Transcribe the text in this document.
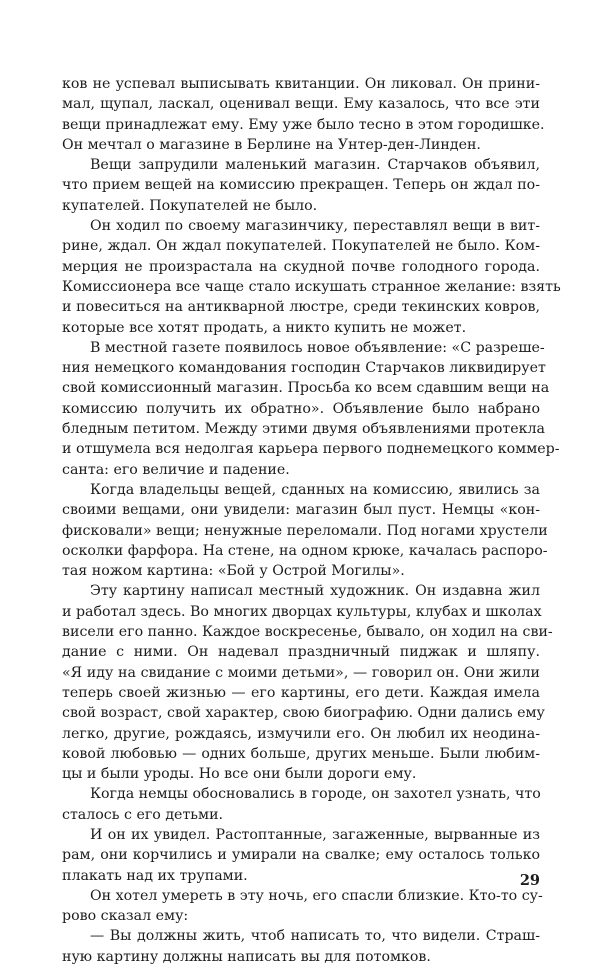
ков не успевал выписывать квитанции. Он ликовал. Он прини-
мал, щупал, ласкал, оценивал вещи. Ему казалось, что все эти
вещи принадлежат ему. Ему уже было тесно в этом городишке.
Он мечтал о магазине в Берлине на Унтер-ден-Линден.
Вещи запрудили маленький магазин. Старчаков объявил,
что прием вещей на комиссию прекращен. Теперь он ждал по-
купателей. Покупателей не было.
Он ходил по своему магазинчику, переставлял вещи в вит-
рине, ждал. Он ждал покупателей. Покупателей не было. Ком-
мерция не произрастала на скудной почве голодного города.
Комиссионера все чаще стало искушать странное желание: взять
и повеситься на антикварной люстре, среди текинских ковров,
которые все хотят продать, а никто купить не может.
В местной газете появилось новое объявление: «С разреше-
ния немецкого командования господин Старчаков ликвидирует
свой комиссионный магазин. Просьба ко всем сдавшим вещи на
комиссию получить их обратно». Объявление было набрано
бледным петитом. Между этими двумя объявлениями протекла
и отшумела вся недолгая карьера первого поднемецкого коммер-
санта: его величие и падение.
Когда владельцы вещей, сданных на комиссию, явились за
своими вещами, они увидели: магазин был пуст. Немцы «кон-
фисковали» вещи; ненужные переломали. Под ногами хрустели
осколки фарфора. На стене, на одном крюке, качалась распоро-
тая ножом картина: «Бой у Острой Могилы».
Эту картину написал местный художник. Он издавна жил
и работал здесь. Во многих дворцах культуры, клубах и школах
висели его панно. Каждое воскресенье, бывало, он ходил на сви-
дание с ними. Он надевал праздничный пиджак и шляпу.
«Я иду на свидание с моими детьми», — говорил он. Они жили
теперь своей жизнью — его картины, его дети. Каждая имела
свой возраст, свой характер, свою биографию. Одни дались ему
легко, другие, рождаясь, измучили его. Он любил их неодина-
ковой любовью — одних больше, других меньше. Были любим-
цы и были уроды. Но все они были дороги ему.
Когда немцы обосновались в городе, он захотел узнать, что
сталось с его детьми.
И он их увидел. Растоптанные, загаженные, вырванные из
рам, они корчились и умирали на свалке; ему осталось только
плакать над их трупами.
Он хотел умереть в эту ночь, его спасли близкие. Кто-то су-
рово сказал ему:
— Вы должны жить, чтоб написать то, что видели. Страш-
ную картину должны написать вы для потомков.
29
